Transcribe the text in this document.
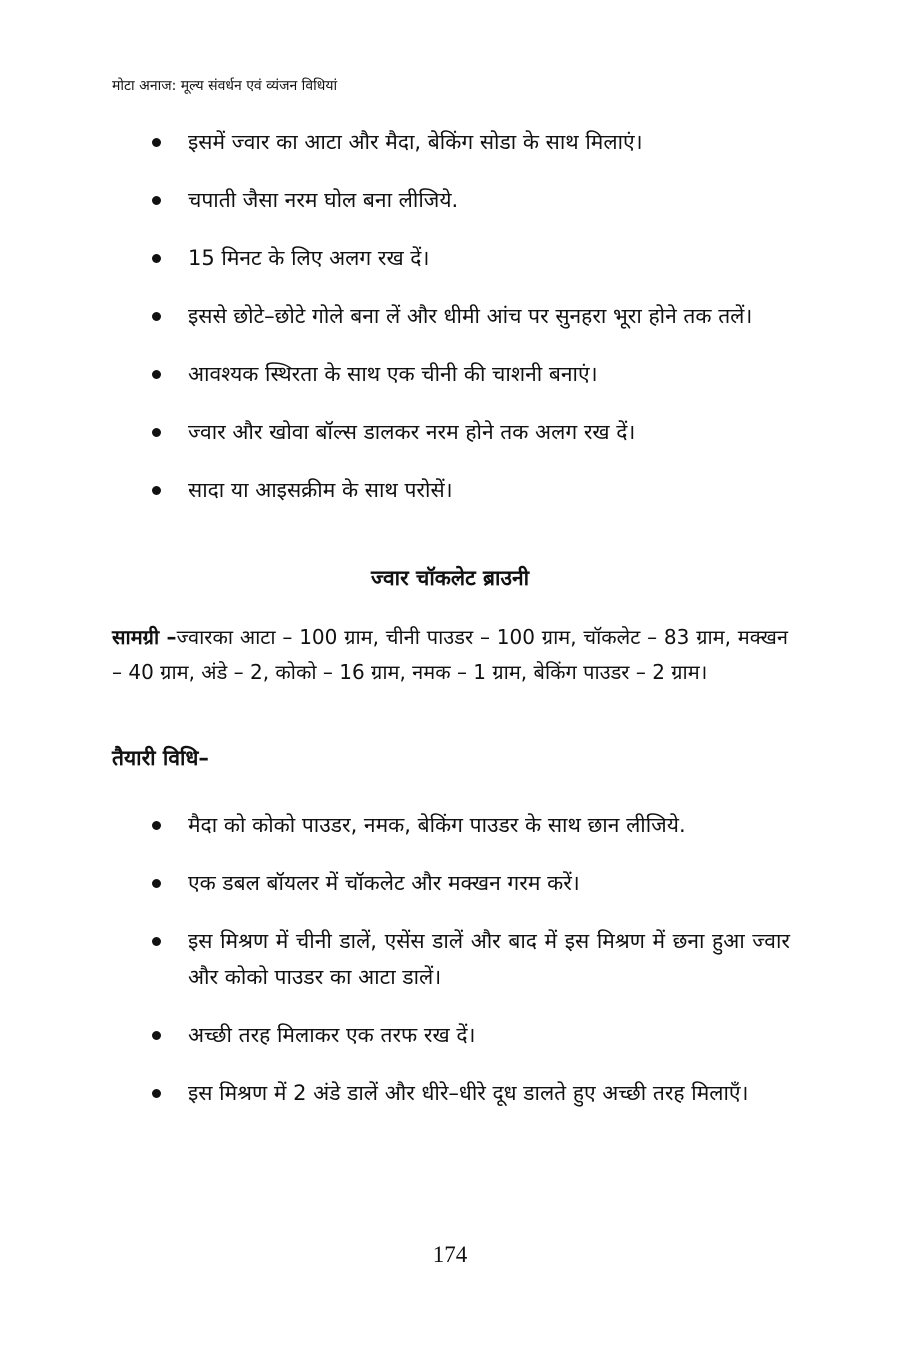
मोटा अनाज: मूल्य संवर्धन एवं व्यंजन विधियां
इसमें ज्वार का आटा और मैदा, बेकिंग सोडा के साथ मिलाएं।
चपाती जैसा नरम घोल बना लीजिये.
15 मिनट के लिए अलग रख दें।
इससे छोटे–छोटे गोले बना लें और धीमी आंच पर सुनहरा भूरा होने तक तलें।
आवश्यक स्थिरता के साथ एक चीनी की चाशनी बनाएं।
ज्वार और खोवा बॉल्स डालकर नरम होने तक अलग रख दें।
सादा या आइसक्रीम के साथ परोसें।
ज्वार चॉकलेट ब्राउनी

सामग्री –ज्वारका आटा – 100 ग्राम, चीनी पाउडर – 100 ग्राम, चॉकलेट – 83 ग्राम, मक्खन – 40 ग्राम, अंडे – 2, कोको – 16 ग्राम, नमक – 1 ग्राम, बेकिंग पाउडर – 2 ग्राम।

तैयारी विधि–
मैदा को कोको पाउडर, नमक, बेकिंग पाउडर के साथ छान लीजिये.
एक डबल बॉयलर में चॉकलेट और मक्खन गरम करें।
इस मिश्रण में चीनी डालें, एसेंस डालें और बाद में इस मिश्रण में छना हुआ ज्वार और कोको पाउडर का आटा डालें।
अच्छी तरह मिलाकर एक तरफ रख दें।
इस मिश्रण में 2 अंडे डालें और धीरे–धीरे दूध डालते हुए अच्छी तरह मिलाएँ।
174
